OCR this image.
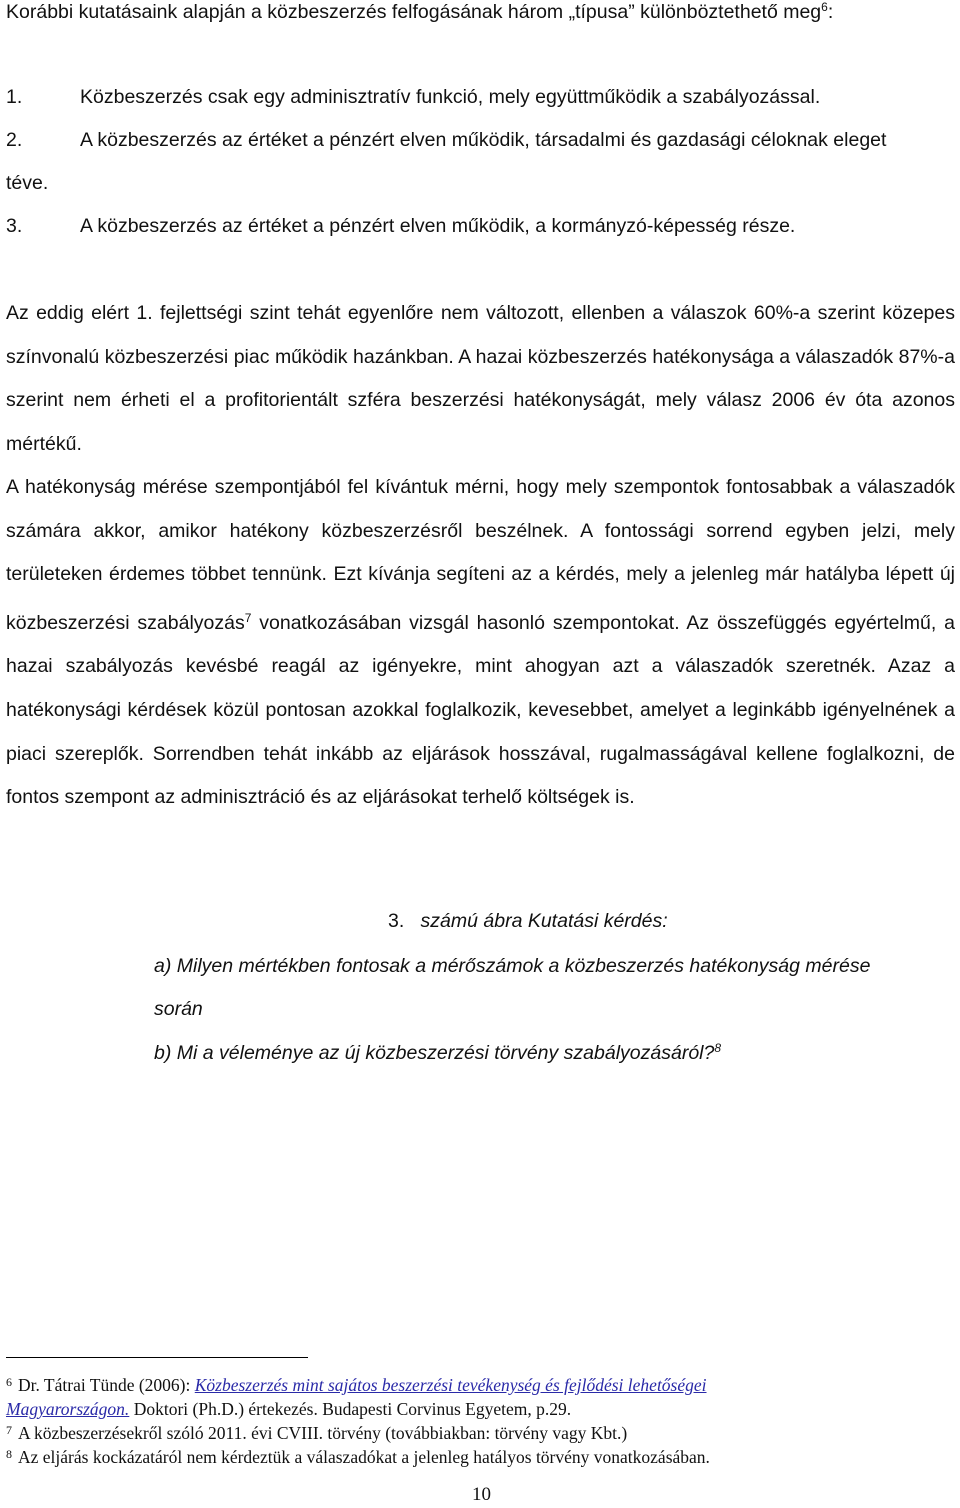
Korábbi kutatásaink alapján a közbeszerzés felfogásának három „típusa” különböztethető meg$^6$:
1.	Közbeszerzés csak egy adminisztratív funkció, mely együttműködik a szabályozással.
2.	A közbeszerzés az értéket a pénzért elven működik, társadalmi és gazdasági céloknak eleget
téve.
3.	A közbeszerzés az értéket a pénzért elven működik, a kormányzó-képesség része.
Az eddig elért 1. fejlettségi szint tehát egyenlőre nem változott, ellenben a válaszok 60%-a szerint közepes színvonalú közbeszerzési piac működik hazánkban. A hazai közbeszerzés hatékonysága a válaszadók 87%-a szerint nem érheti el a profitorientált szféra beszerzési hatékonyságát, mely válasz 2006 év óta azonos mértékű.
A hatékonyság mérése szempontjából fel kívántuk mérni, hogy mely szempontok fontosabbak a válaszadók számára akkor, amikor hatékony közbeszerzésről beszélnek. A fontossági sorrend egyben jelzi, mely területeken érdemes többet tennünk. Ezt kívánja segíteni az a kérdés, mely a jelenleg már hatályba lépett új közbeszerzési szabályozás$^7$ vonatkozásában vizsgál hasonló szempontokat. Az összefüggés egyértelmű, a hazai szabályozás kevésbé reagál az igényekre, mint ahogyan azt a válaszadók szeretnék. Azaz a hatékonysági kérdések közül pontosan azokkal foglalkozik, kevesebbet, amelyet a leginkább igényelnének a piaci szereplők. Sorrendben tehát inkább az eljárások hosszával, rugalmasságával kellene foglalkozni, de fontos szempont az adminisztráció és az eljárásokat terhelő költségek is.
3. számú ábra Kutatási kérdés:
a) Milyen mértékben fontosak a mérőszámok a közbeszerzés hatékonyság mérése
során
b) Mi a véleménye az új közbeszerzési törvény szabályozásáról?$^8$
$^6$ Dr. Tátrai Tünde (2006): Közbeszerzés mint sajátos beszerzési tevékenység és fejlődési lehetőségei
Magyarországon. Doktori (Ph.D.) értekezés. Budapesti Corvinus Egyetem, p.29.
$^7$ A közbeszerzésekről szóló 2011. évi CVIII. törvény (továbbiakban: törvény vagy Kbt.)
$^8$ Az eljárás kockázatáról nem kérdeztük a válaszadókat a jelenleg hatályos törvény vonatkozásában.
10
